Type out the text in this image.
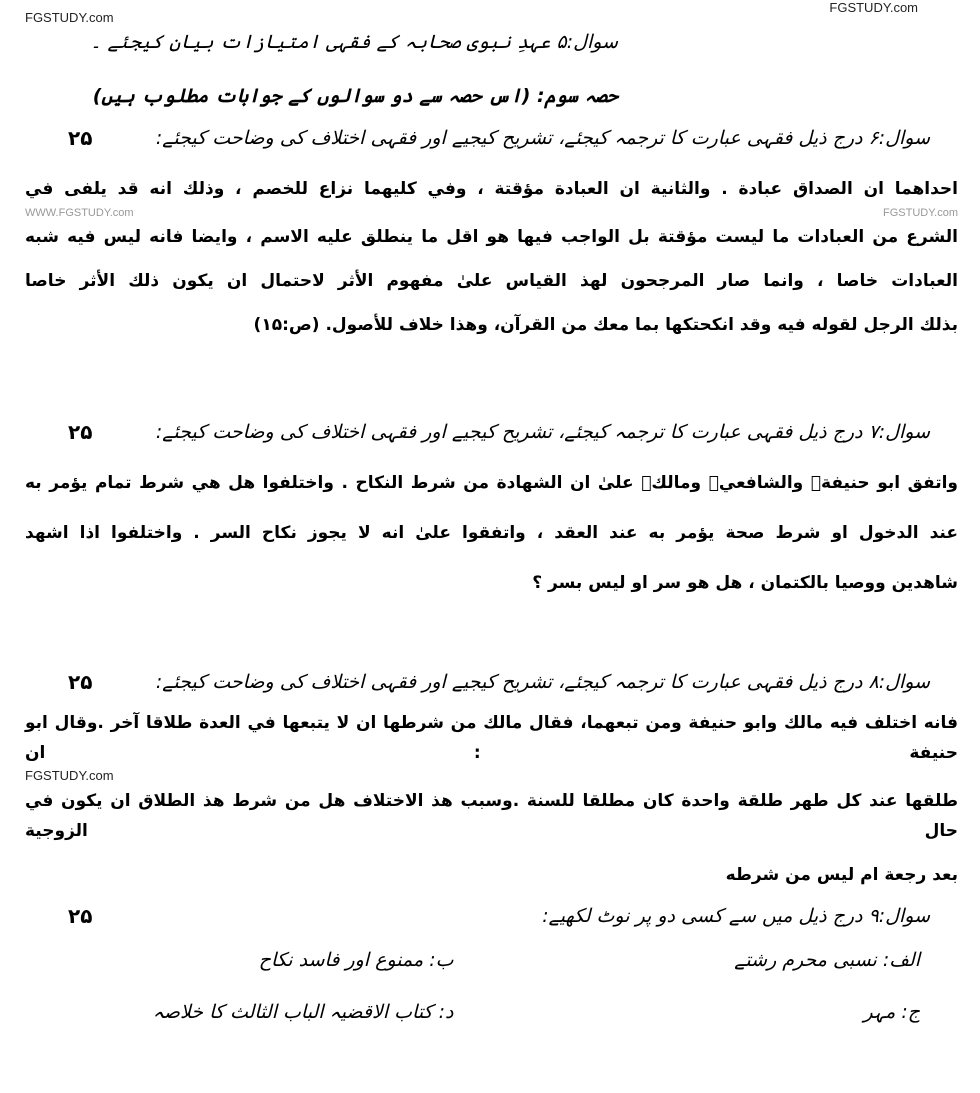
FGSTUDY.com
FGSTUDY.com
سوال:۵ عہدِ نبوی صحابہ کے فقہی امتیازات بیان کیجئے ۔
حصہ سوم: (اس حصہ سے دو سوالوں کے جوابات مطلوب ہیں)
سوال:۶ درج ذیل فقہی عبارت کا ترجمہ کیجئے، تشریح کیجیے اور فقہی اختلاف کی وضاحت کیجئے:
۲۵
احداهما ان الصداق عبادة . والثانية ان العبادة مؤقتة ، وفي كليهما نزاع للخصم ، وذلك انه قد يلفى في
WWW.FGSTUDY.com	FGSTUDY.com
الشرع من العبادات ما ليست مؤقتة بل الواجب فيها هو اقل ما ينطلق عليه الاسم ، وايضا فانه ليس فيه شبه
العبادات خاصا ، وانما صار المرجحون لهذ القياس علىٰ مفهوم الأثر لاحتمال ان يكون ذلك الأثر خاصا
بذلك الرجل لقوله فيه وقد انكحتكها بما معك من القرآن، وهذا خلاف للأصول. (ص:۱۵)
سوال:۷ درج ذیل فقہی عبارت کا ترجمہ کیجئے، تشریح کیجیے اور فقہی اختلاف کی وضاحت کیجئے:
۲۵
واتفق ابو حنيفةؒ والشافعيؒ ومالكؒ علىٰ ان الشهادة من شرط النكاح . واختلفوا هل هي شرط تمام يؤمر به
عند الدخول او شرط صحة يؤمر به عند العقد ، واتفقوا علىٰ انه لا يجوز نكاح السر . واختلفوا اذا اشهد
شاهدين ووصيا بالكتمان ، هل هو سر او ليس بسر ؟
سوال:۸ درج ذیل فقہی عبارت کا ترجمہ کیجئے، تشریح کیجیے اور فقہی اختلاف کی وضاحت کیجئے:
۲۵
فانه اختلف فيه مالك وابو حنيفة ومن تبعهما، فقال مالك من شرطها ان لا يتبعها في العدة طلاقا آخر .وقال ابو حنيفة : ان
FGSTUDY.com
طلقها عند كل طهر طلقة واحدة كان مطلقا للسنة .وسبب هذ الاختلاف هل من شرط هذ الطلاق ان يكون في حال الزوجية
بعد رجعة ام ليس من شرطه
سوال:۹ درج ذیل میں سے کسی دو پر نوٹ لکھیے:
۲۵
الف: نسبی محرم رشتے
ب: ممنوع اور فاسد نکاح
ج: مہر
د: کتاب الاقضیہ الباب الثالث کا خلاصہ
